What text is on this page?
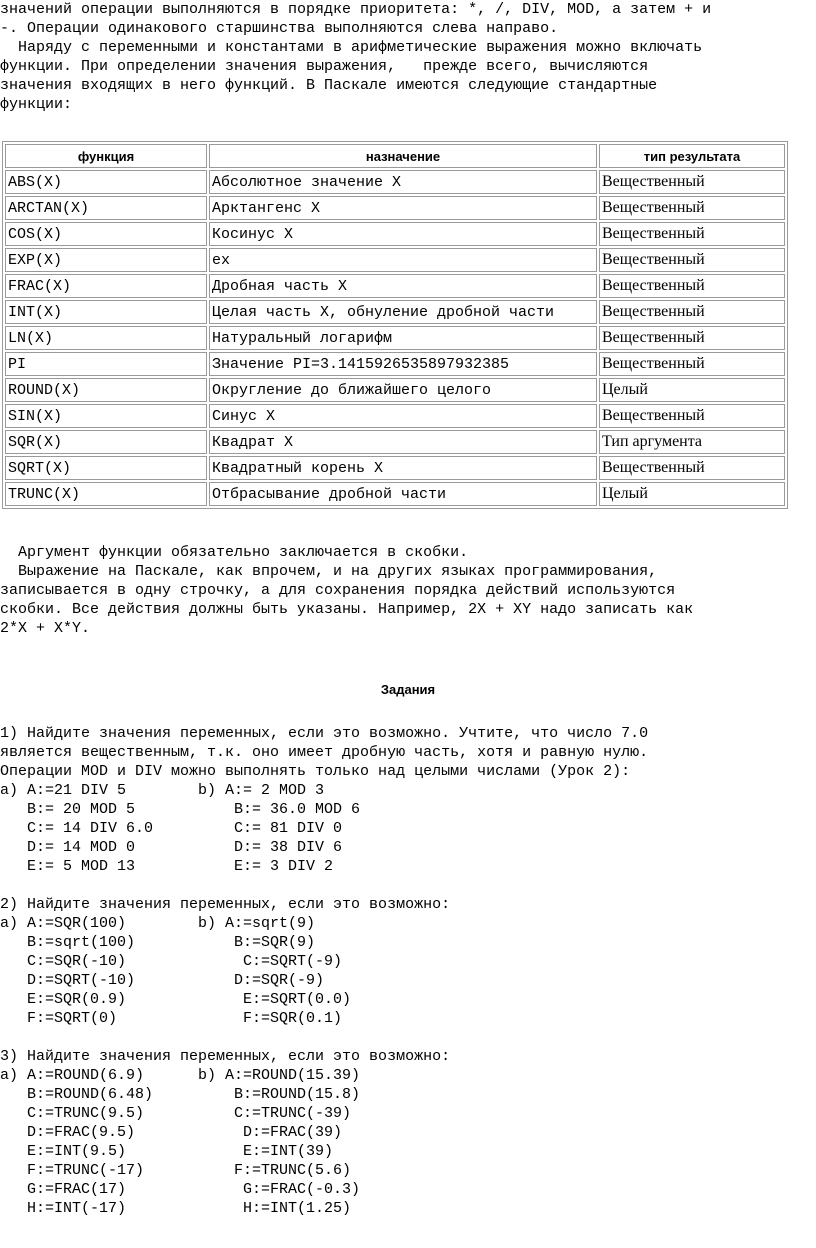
значений операции выполняются в порядке приоритета: *, /, DIV, MOD, а затем + и
-. Операции одинакового старшинства выполняются слева направо.
Наряду с переменными и константами в арифметические выражения можно включать
функции. При определении значения выражения,   прежде всего, вычисляются
значения входящих в него функций. В Паскале имеются следующие стандартные
функции:
функция	назначение	тип результата
ABS(X)	Абсолютное значение X	Вещественный
ARCTAN(X)	Арктангенс X	Вещественный
COS(X)	Косинус X	Вещественный
EXP(X)	ex	Вещественный
FRAC(X)	Дробная часть X	Вещественный
INT(X)	Целая часть X, обнуление дробной части	Вещественный
LN(X)	Натуральный логарифм	Вещественный
PI	Значение PI=3.1415926535897932385	Вещественный
ROUND(X)	Округление до ближайшего целого	Целый
SIN(X)	Синус X	Вещественный
SQR(X)	Квадрат X	Тип аргумента
SQRT(X)	Квадратный корень X	Вещественный
TRUNC(X)	Отбрасывание дробной части	Целый
Аргумент функции обязательно заключается в скобки.
Выражение на Паскале, как впрочем, и на других языках программирования,
записывается в одну строчку, а для сохранения порядка действий используются
скобки. Все действия должны быть указаны. Например, 2X + XY надо записать как
2*X + X*Y.
Задания
1) Найдите значения переменных, если это возможно. Учтите, что число 7.0
является вещественным, т.к. оно имеет дробную часть, хотя и равную нулю.
Операции MOD и DIV можно выполнять только над целыми числами (Урок 2):
a) A:=21 DIV 5        b) A:= 2 MOD 3
B:= 20 MOD 5           B:= 36.0 MOD 6
C:= 14 DIV 6.0         C:= 81 DIV 0
D:= 14 MOD 0           D:= 38 DIV 6
E:= 5 MOD 13           E:= 3 DIV 2
2) Найдите значения переменных, если это возможно:
a) A:=SQR(100)        b) A:=sqrt(9)
B:=sqrt(100)           B:=SQR(9)
C:=SQR(-10)             C:=SQRT(-9)
D:=SQRT(-10)           D:=SQR(-9)
E:=SQR(0.9)             E:=SQRT(0.0)
F:=SQRT(0)              F:=SQR(0.1)
3) Найдите значения переменных, если это возможно:
a) A:=ROUND(6.9)      b) A:=ROUND(15.39)
B:=ROUND(6.48)         B:=ROUND(15.8)
C:=TRUNC(9.5)          C:=TRUNC(-39)
D:=FRAC(9.5)            D:=FRAC(39)
E:=INT(9.5)             E:=INT(39)
F:=TRUNC(-17)          F:=TRUNC(5.6)
G:=FRAC(17)             G:=FRAC(-0.3)
H:=INT(-17)             H:=INT(1.25)
